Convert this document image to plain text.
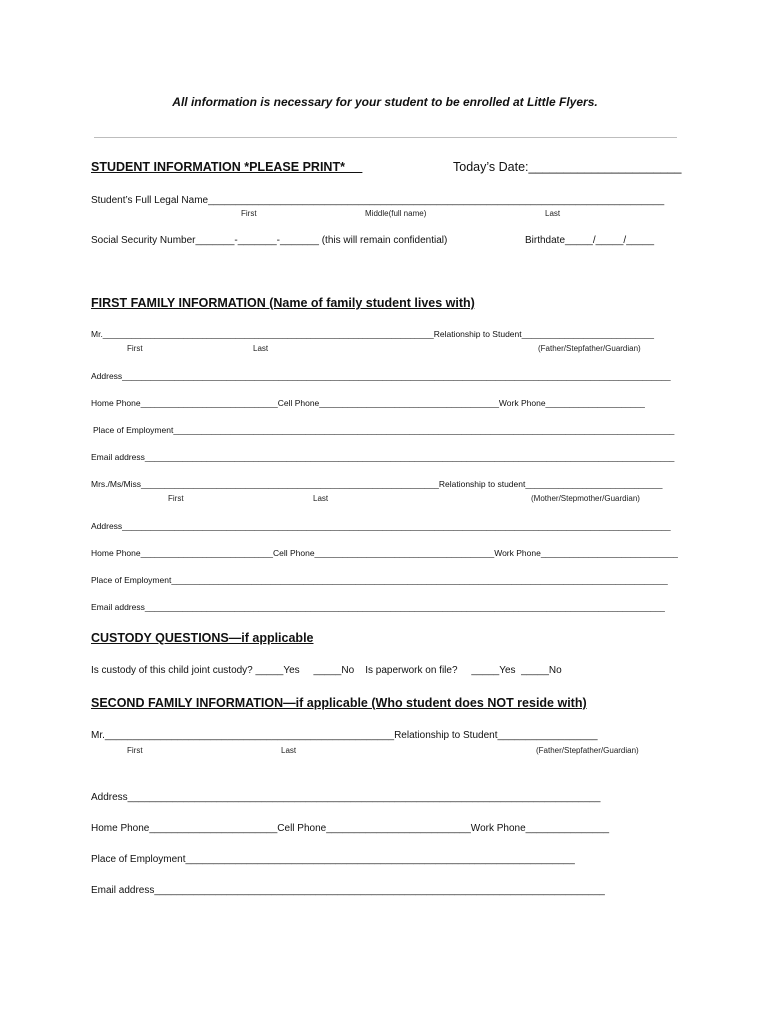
All information is necessary for your student to be enrolled at Little Flyers.
STUDENT INFORMATION *PLEASE PRINT* __	Today’s Date:______________________
Student’s Full Legal Name__________________________________________________________________________________
First	Middle(full name)	Last
Social Security Number_______-_______-_______ (this will remain confidential)	Birthdate_____/_____/_____
FIRST FAMILY INFORMATION (Name of family student lives with)
Mr.______________________________________________________________________Relationship to Student____________________________
First	Last	(Father/Stepfather/Guardian)
Address____________________________________________________________________________________________________________________
Home Phone_____________________________Cell Phone______________________________________Work Phone_____________________
Place of Employment__________________________________________________________________________________________________________
Email address________________________________________________________________________________________________________________
Mrs./Ms/Miss_______________________________________________________________Relationship to student_____________________________
First	Last	(Mother/Stepmother/Guardian)
Address____________________________________________________________________________________________________________________
Home Phone____________________________Cell Phone______________________________________Work Phone_____________________________
Place of Employment_________________________________________________________________________________________________________
Email address______________________________________________________________________________________________________________
CUSTODY QUESTIONS—if applicable
Is custody of this child joint custody? _____Yes     _____No    Is paperwork on file?     _____Yes  _____No
SECOND FAMILY INFORMATION—if applicable (Who student does NOT reside with)
Mr.____________________________________________________Relationship to Student__________________
First	Last	(Father/Stepfather/Guardian)
Address_____________________________________________________________________________________
Home Phone_______________________Cell Phone__________________________Work Phone_______________
Place of Employment______________________________________________________________________
Email address_________________________________________________________________________________
